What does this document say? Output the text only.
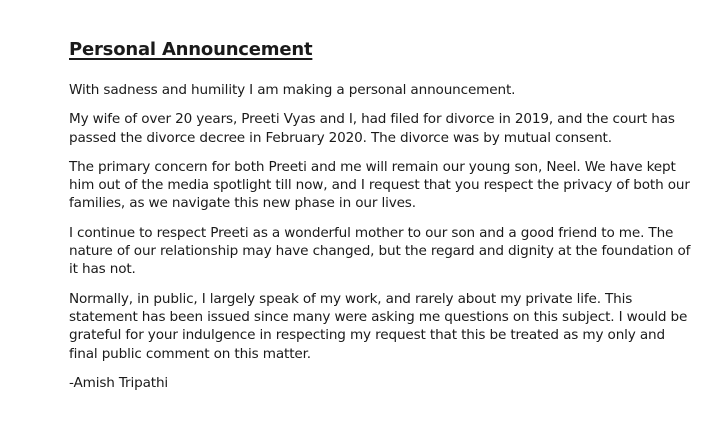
Personal Announcement

With sadness and humility I am making a personal announcement.

My wife of over 20 years, Preeti Vyas and I, had filed for divorce in 2019, and the court has passed the divorce decree in February 2020. The divorce was by mutual consent.

The primary concern for both Preeti and me will remain our young son, Neel. We have kept him out of the media spotlight till now, and I request that you respect the privacy of both our families, as we navigate this new phase in our lives.

I continue to respect Preeti as a wonderful mother to our son and a good friend to me. The nature of our relationship may have changed, but the regard and dignity at the foundation of it has not.

Normally, in public, I largely speak of my work, and rarely about my private life. This statement has been issued since many were asking me questions on this subject. I would be grateful for your indulgence in respecting my request that this be treated as my only and final public comment on this matter.

-Amish Tripathi
